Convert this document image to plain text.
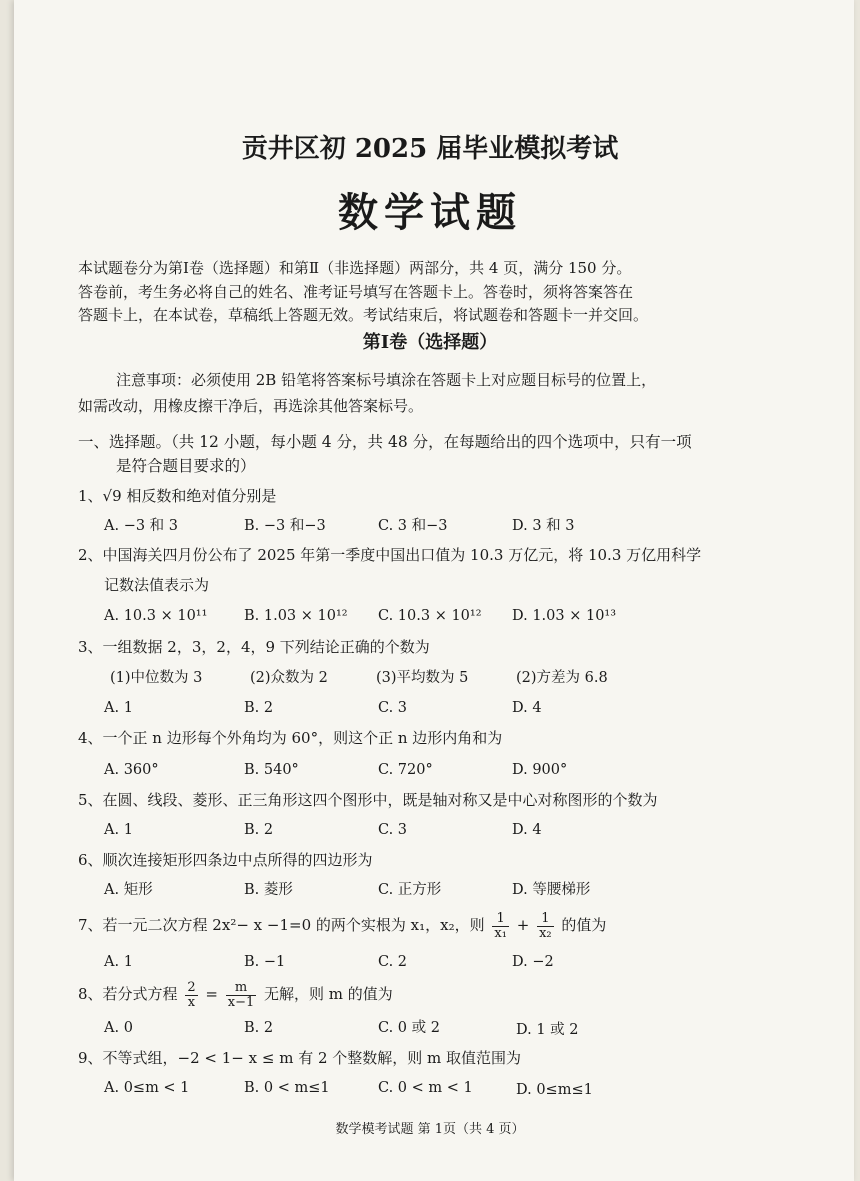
贡井区初 2025 届毕业模拟考试
数学试题
本试题卷分为第Ⅰ卷（选择题）和第Ⅱ（非选择题）两部分，共 4 页，满分 150 分。
答卷前，考生务必将自己的姓名、准考证号填写在答题卡上。答卷时，须将答案答在
答题卡上，在本试卷，草稿纸上答题无效。考试结束后，将试题卷和答题卡一并交回。
第Ⅰ卷（选择题）
注意事项：必须使用 2B 铅笔将答案标号填涂在答题卡上对应题目标号的位置上，
如需改动，用橡皮擦干净后，再选涂其他答案标号。
一、选择题。（共 12 小题，每小题 4 分，共 48 分，在每题给出的四个选项中，只有一项
是符合题目要求的）
1、√9 相反数和绝对值分别是
A. −3 和 3	B. −3 和−3	C. 3 和−3	D. 3 和 3
2、中国海关四月份公布了 2025 年第一季度中国出口值为 10.3 万亿元，将 10.3 万亿用科学
记数法值表示为
A. 10.3 × 10¹¹	B. 1.03 × 10¹² C. 10.3 × 10¹² D. 1.03 × 10¹³
3、一组数据 2，3，2，4，9 下列结论正确的个数为
(1)中位数为 3	(2)众数为 2	(3)平均数为 5	(2)方差为 6.8
A. 1	B. 2	C. 3	D. 4
4、一个正 n 边形每个外角均为 60°，则这个正 n 边形内角和为
A. 360°	B. 540°	C. 720°	D. 900°
5、在圆、线段、菱形、正三角形这四个图形中，既是轴对称又是中心对称图形的个数为
A. 1	B. 2	C. 3	D. 4
6、顺次连接矩形四条边中点所得的四边形为
A. 矩形	B. 菱形	C. 正方形	D. 等腰梯形
7、若一元二次方程 2x²− x −1=0 的两个实根为 x₁，x₂，则 $\frac{1}{\text{x₁}} + \frac{1}{\text{x₂}}$ 的值为
A. 1	B. −1	C. 2	D. −2
8、若分式方程 $\frac{2}{x} = \frac{m}{x-1}$ 无解，则 m 的值为
A. 0	B. 2	C. 0 或 2	D. 1 或 2
9、不等式组，−2 < 1− x ≤ m 有 2 个整数解，则 m 取值范围为
A. 0≤m < 1	B. 0 < m≤1	C. 0 < m < 1	D. 0≤m≤1
数学模考试题 第 1页（共 4 页）
